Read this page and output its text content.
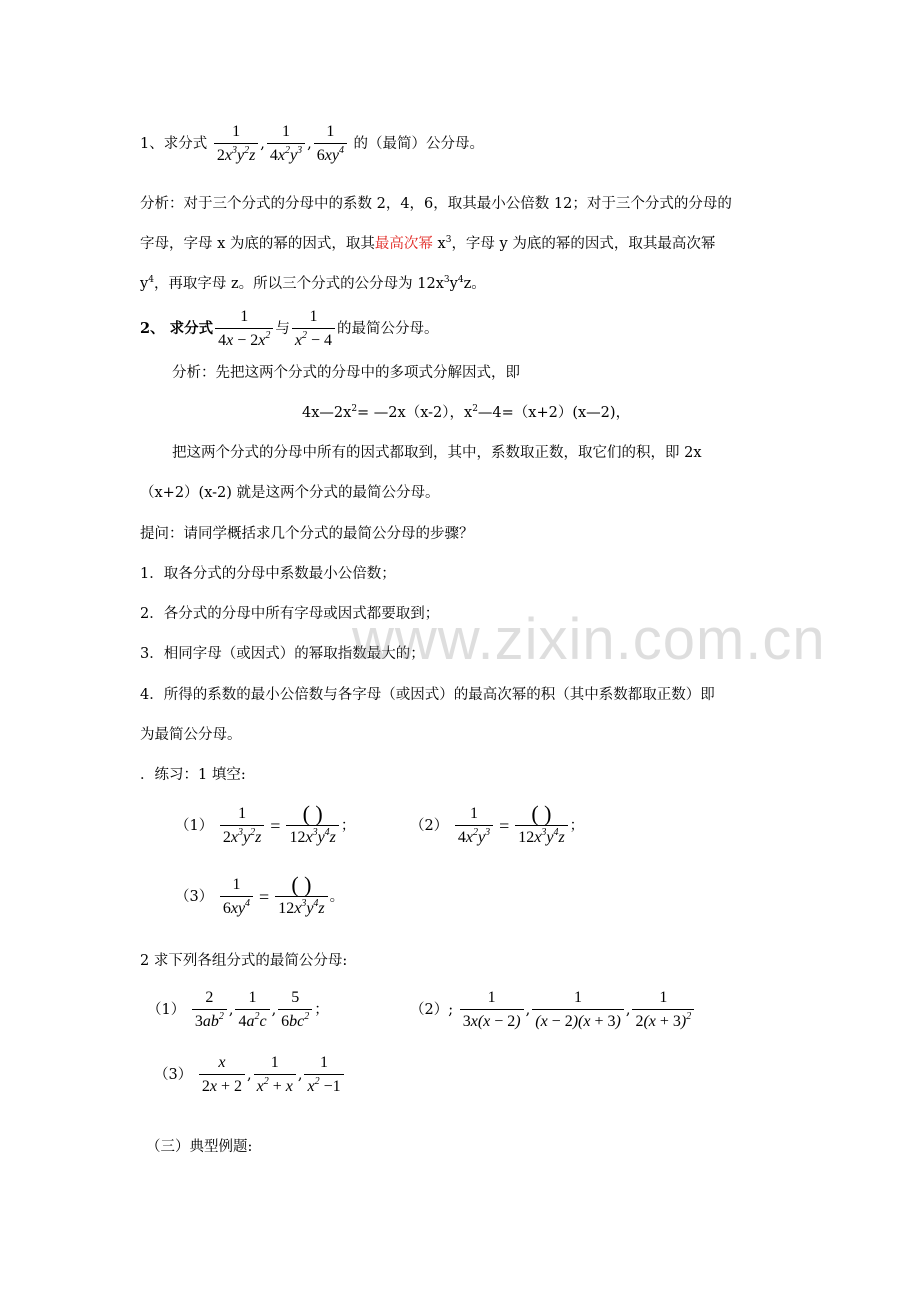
1、求分式 $\frac{1}{2x^3y^2z}$ , $\frac{1}{4x^2y^3}$ , $\frac{1}{6xy^4}$ 的（最简）公分母。
分析：对于三个分式的分母中的系数 2，4，6，取其最小公倍数 12；对于三个分式的分母的
字母，字母 x 为底的幂的因式，取其最高次幂 $x^3$，字母 y 为底的幂的因式，取其最高次幂
$y^4$，再取字母 z。所以三个分式的公分母为 $12x^3y^4z$。
2、 求分式 $\frac{1}{4x - 2x^2}$ 与 $\frac{1}{x^2 - 4}$ 的最简公分母。
分析：先把这两个分式的分母中的多项式分解因式，即
$4x—2x^2=$ —2x（x-2），$x^2—4=(x+2)(x—2)$，
把这两个分式的分母中所有的因式都取到，其中，系数取正数，取它们的积，即 2x
（x+2）(x-2) 就是这两个分式的最简公分母。
提问：请同学概括求几个分式的最简公分母的步骤？
1．取各分式的分母中系数最小公倍数；
2．各分式的分母中所有字母或因式都要取到；
3．相同字母（或因式）的幂取指数最大的；
4．所得的系数的最小公倍数与各字母（或因式）的最高次幂的积（其中系数都取正数）即
为最简公分母。
．练习：1 填空:
$(1) \frac{1}{2x^3y^2z} = \frac{( )}{12x^3y^4z}$ ；	$(2) \frac{1}{4x^2y^3} = \frac{( )}{12x^3y^4z}$ ；
$(3) \frac{1}{6xy^4} = \frac{( )}{12x^3y^4z}$ 。
2 求下列各组分式的最简公分母:
$(1) \frac{2}{3ab^2}$ , $\frac{1}{4a^2c}$ , $\frac{5}{6bc^2}$ ；	（2）; $\frac{1}{3x(x - 2)}$ , $\frac{1}{(x - 2)(x + 3)}$ , $\frac{1}{2(x + 3)^2}$
$(3) \frac{x}{2x + 2}$ , $\frac{1}{x^2 + x}$ , $\frac{1}{x^2 -1}$
（三）典型例题:
www.zixin.com.cn
